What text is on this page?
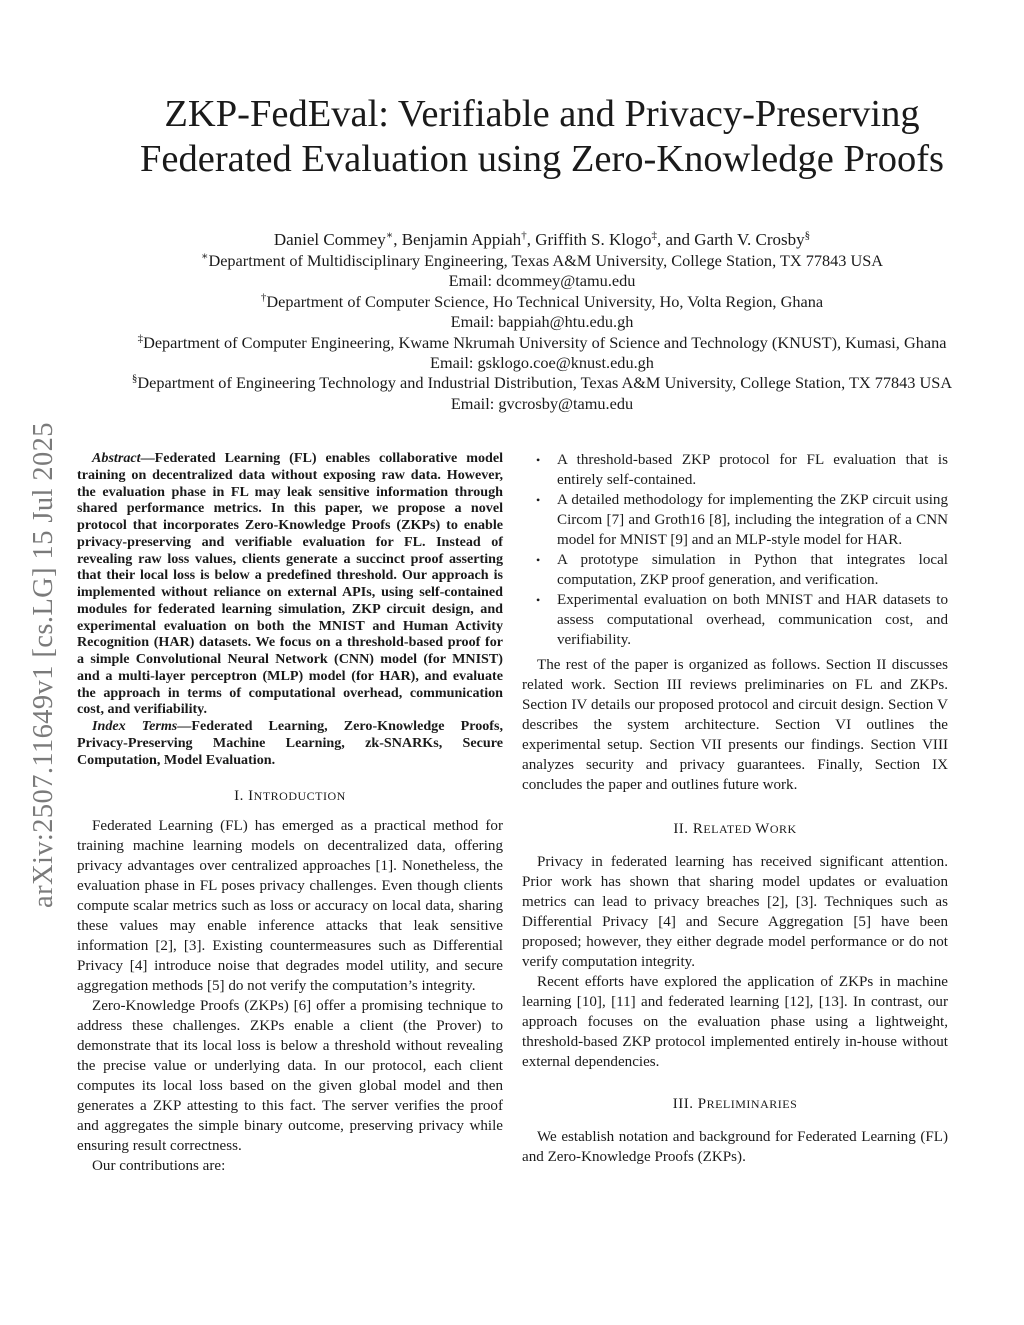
arXiv:2507.11649v1 [cs.LG] 15 Jul 2025
ZKP-FedEval: Verifiable and Privacy-Preserving
Federated Evaluation using Zero-Knowledge Proofs
Daniel Commey∗, Benjamin Appiah†, Griffith S. Klogo‡, and Garth V. Crosby§
∗Department of Multidisciplinary Engineering, Texas A&M University, College Station, TX 77843 USA
Email: dcommey@tamu.edu
†Department of Computer Science, Ho Technical University, Ho, Volta Region, Ghana
Email: bappiah@htu.edu.gh
‡Department of Computer Engineering, Kwame Nkrumah University of Science and Technology (KNUST), Kumasi, Ghana
Email: gsklogo.coe@knust.edu.gh
§Department of Engineering Technology and Industrial Distribution, Texas A&M University, College Station, TX 77843 USA
Email: gvcrosby@tamu.edu

Abstract—Federated Learning (FL) enables collaborative model training on decentralized data without exposing raw data. However, the evaluation phase in FL may leak sensitive information through shared performance metrics. In this paper, we propose a novel protocol that incorporates Zero-Knowledge Proofs (ZKPs) to enable privacy-preserving and verifiable evaluation for FL. Instead of revealing raw loss values, clients generate a succinct proof asserting that their local loss is below a predefined threshold. Our approach is implemented without reliance on external APIs, using self-contained modules for federated learning simulation, ZKP circuit design, and experimental evaluation on both the MNIST and Human Activity Recognition (HAR) datasets. We focus on a threshold-based proof for a simple Convolutional Neural Network (CNN) model (for MNIST) and a multi-layer perceptron (MLP) model (for HAR), and evaluate the approach in terms of computational overhead, communication cost, and verifiability.

Index Terms—Federated Learning, Zero-Knowledge Proofs, Privacy-Preserving Machine Learning, zk-SNARKs, Secure Computation, Model Evaluation.

I. INTRODUCTION

Federated Learning (FL) has emerged as a practical method for training machine learning models on decentralized data, offering privacy advantages over centralized approaches [1]. Nonetheless, the evaluation phase in FL poses privacy challenges. Even though clients compute scalar metrics such as loss or accuracy on local data, sharing these values may enable inference attacks that leak sensitive information [2], [3]. Existing countermeasures such as Differential Privacy [4] introduce noise that degrades model utility, and secure aggregation methods [5] do not verify the computation’s integrity.

Zero-Knowledge Proofs (ZKPs) [6] offer a promising technique to address these challenges. ZKPs enable a client (the Prover) to demonstrate that its local loss is below a threshold without revealing the precise value or underlying data. In our protocol, each client computes its local loss based on the given global model and then generates a ZKP attesting to this fact. The server verifies the proof and aggregates the simple binary outcome, preserving privacy while ensuring result correctness.

Our contributions are:

• A threshold-based ZKP protocol for FL evaluation that is entirely self-contained.
• A detailed methodology for implementing the ZKP circuit using Circom [7] and Groth16 [8], including the integration of a CNN model for MNIST [9] and an MLP-style model for HAR.
• A prototype simulation in Python that integrates local computation, ZKP proof generation, and verification.
• Experimental evaluation on both MNIST and HAR datasets to assess computational overhead, communication cost, and verifiability.

The rest of the paper is organized as follows. Section II discusses related work. Section III reviews preliminaries on FL and ZKPs. Section IV details our proposed protocol and circuit design. Section V describes the system architecture. Section VI outlines the experimental setup. Section VII presents our findings. Section VIII analyzes security and privacy guarantees. Finally, Section IX concludes the paper and outlines future work.

II. RELATED WORK

Privacy in federated learning has received significant attention. Prior work has shown that sharing model updates or evaluation metrics can lead to privacy breaches [2], [3]. Techniques such as Differential Privacy [4] and Secure Aggregation [5] have been proposed; however, they either degrade model performance or do not verify computation integrity.

Recent efforts have explored the application of ZKPs in machine learning [10], [11] and federated learning [12], [13]. In contrast, our approach focuses on the evaluation phase using a lightweight, threshold-based ZKP protocol implemented entirely in-house without external dependencies.

III. PRELIMINARIES

We establish notation and background for Federated Learning (FL) and Zero-Knowledge Proofs (ZKPs).
